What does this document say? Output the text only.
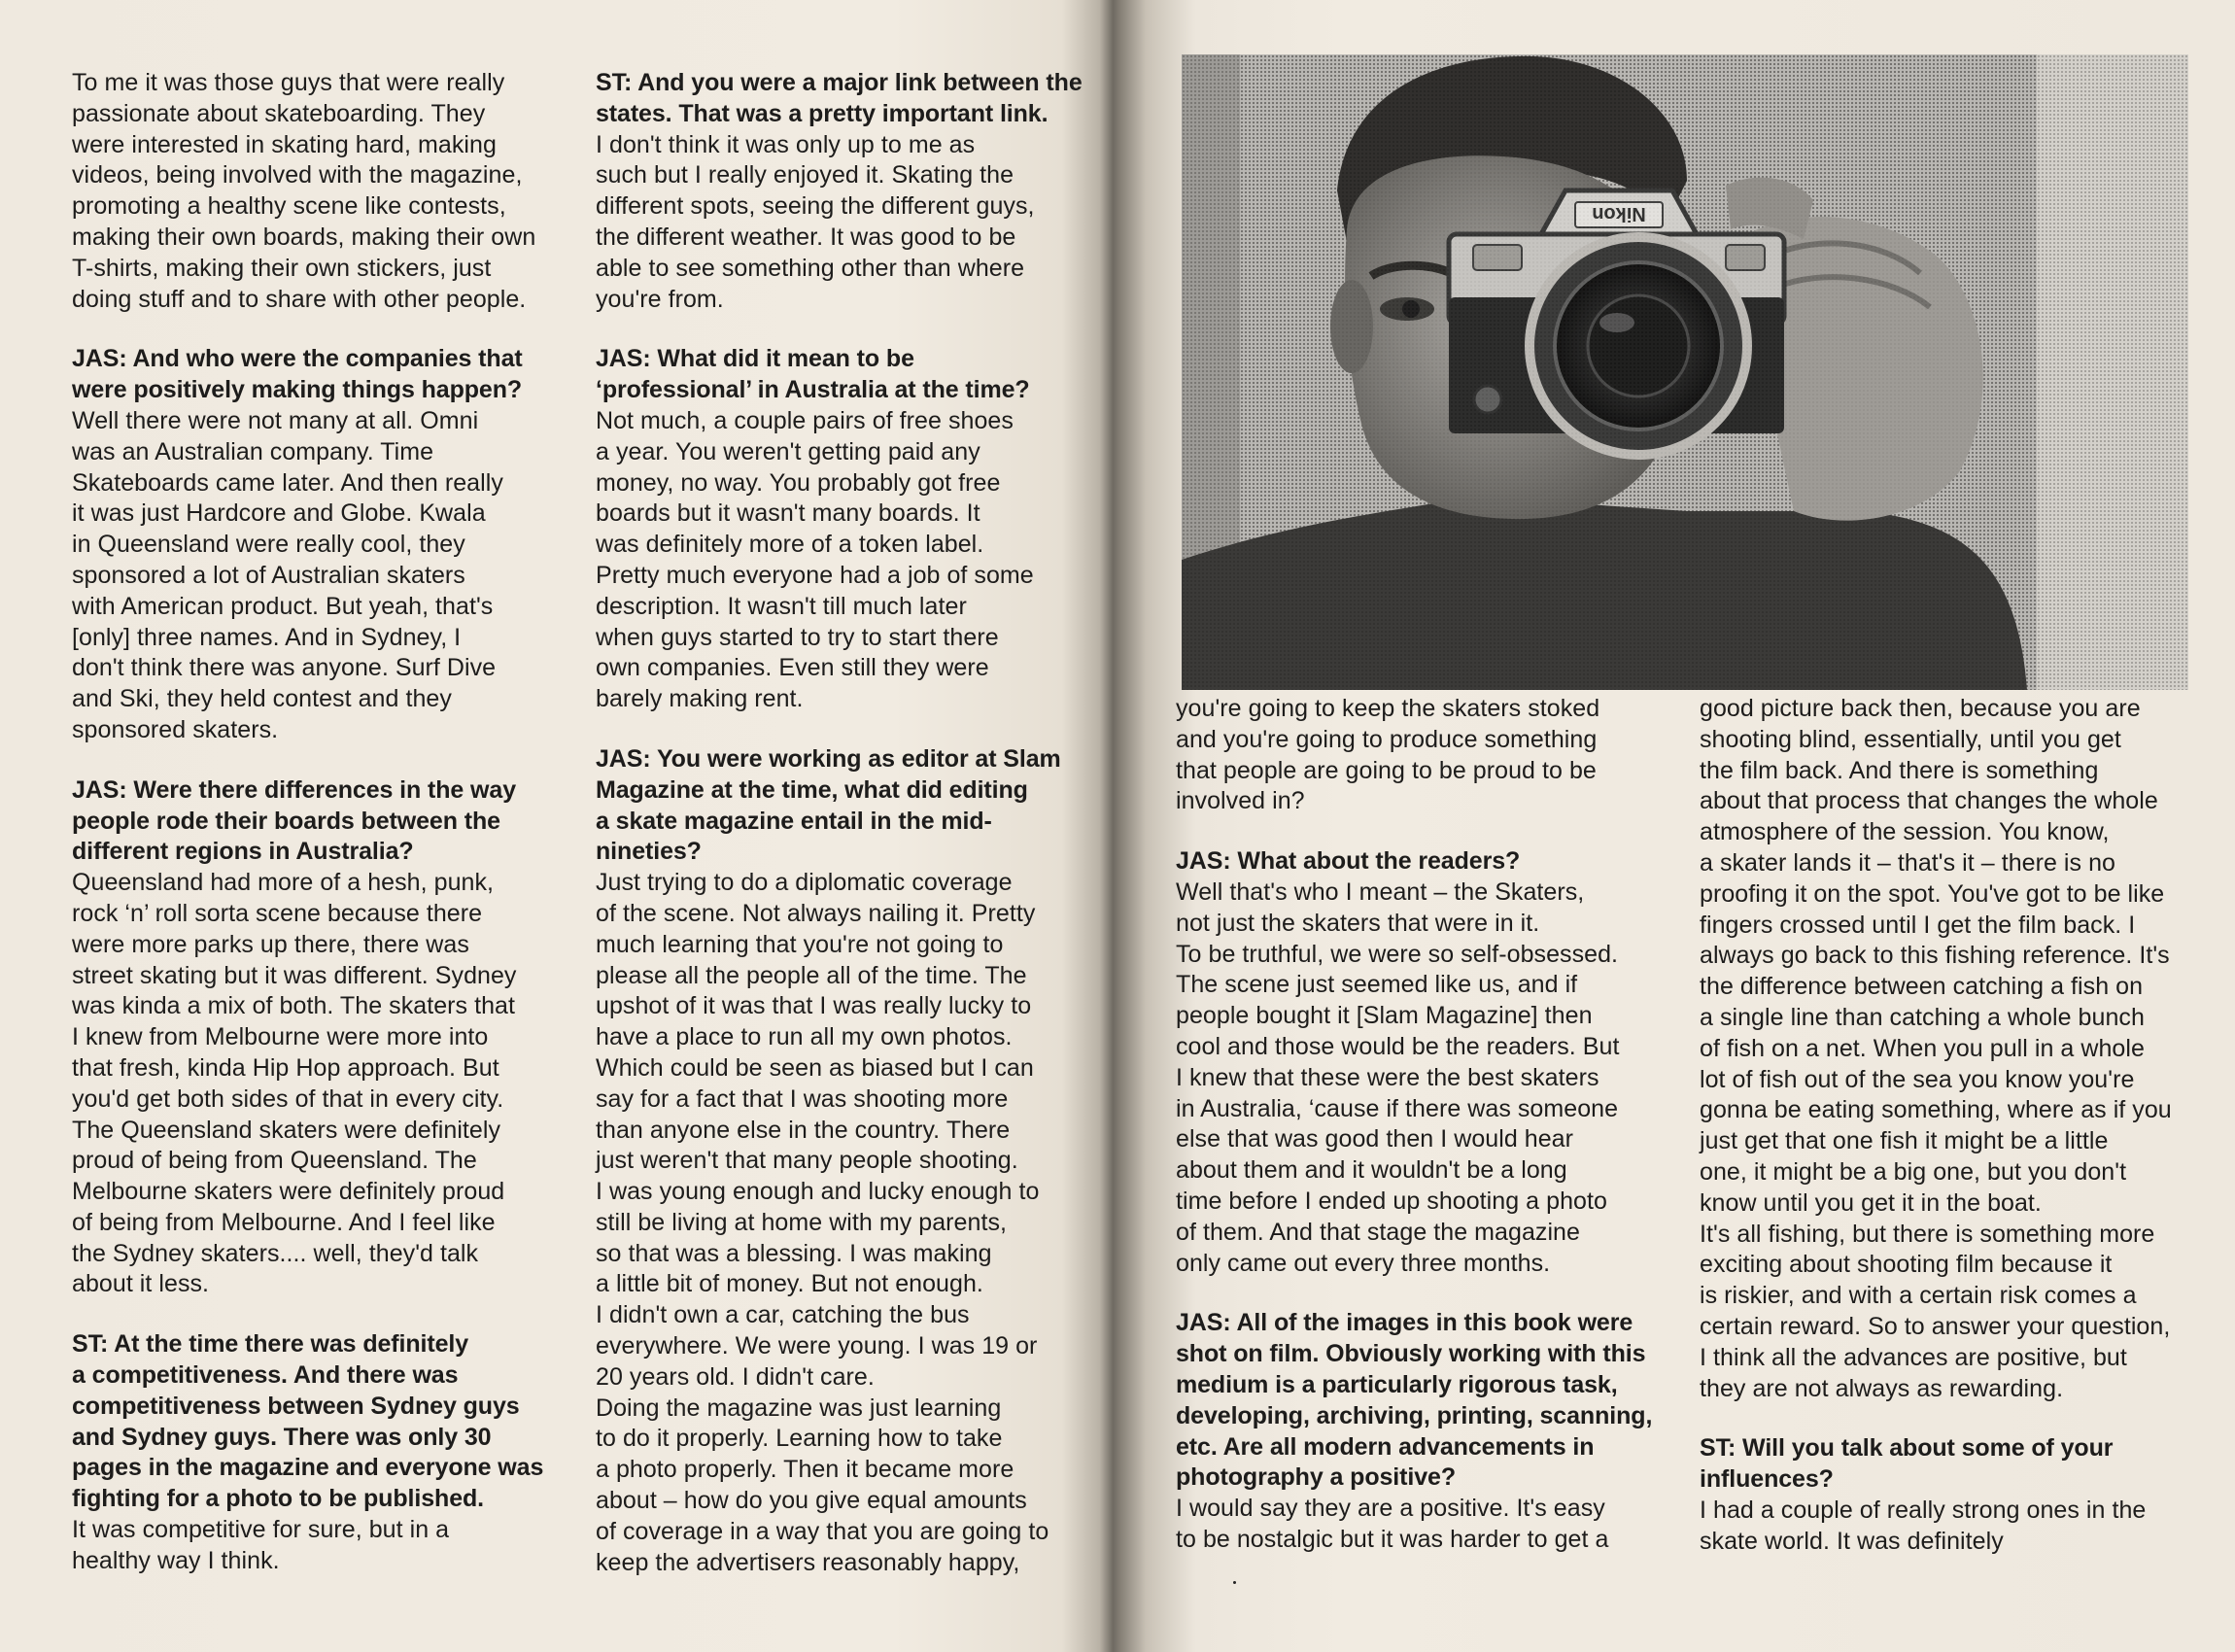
To me it was those guys that were really
passionate about skateboarding. They
were interested in skating hard, making
videos, being involved with the magazine,
promoting a healthy scene like contests,
making their own boards, making their own
T-shirts, making their own stickers, just
doing stuff and to share with other people.

JAS: And who were the companies that
were positively making things happen?
Well there were not many at all. Omni
was an Australian company. Time
Skateboards came later. And then really
it was just Hardcore and Globe. Kwala
in Queensland were really cool, they
sponsored a lot of Australian skaters
with American product. But yeah, that's
[only] three names. And in Sydney, I
don't think there was anyone. Surf Dive
and Ski, they held contest and they
sponsored skaters.

JAS: Were there differences in the way
people rode their boards between the
different regions in Australia?
Queensland had more of a hesh, punk,
rock ‘n’ roll sorta scene because there
were more parks up there, there was
street skating but it was different. Sydney
was kinda a mix of both. The skaters that
I knew from Melbourne were more into
that fresh, kinda Hip Hop approach. But
you'd get both sides of that in every city.
The Queensland skaters were definitely
proud of being from Queensland. The
Melbourne skaters were definitely proud
of being from Melbourne. And I feel like
the Sydney skaters.... well, they'd talk
about it less.

ST: At the time there was definitely
a competitiveness. And there was
competitiveness between Sydney guys
and Sydney guys. There was only 30
pages in the magazine and everyone was
fighting for a photo to be published.
It was competitive for sure, but in a
healthy way I think.

ST: And you were a major link between the
states. That was a pretty important link.
I don't think it was only up to me as
such but I really enjoyed it. Skating the
different spots, seeing the different guys,
the different weather. It was good to be
able to see something other than where
you're from.

JAS: What did it mean to be
‘professional’ in Australia at the time?
Not much, a couple pairs of free shoes
a year. You weren't getting paid any
money, no way. You probably got free
boards but it wasn't many boards. It
was definitely more of a token label.
Pretty much everyone had a job of some
description. It wasn't till much later
when guys started to try to start there
own companies. Even still they were
barely making rent.

JAS: You were working as editor at Slam
Magazine at the time, what did editing
a skate magazine entail in the mid-
nineties?
Just trying to do a diplomatic coverage
of the scene. Not always nailing it. Pretty
much learning that you're not going to
please all the people all of the time. The
upshot of it was that I was really lucky to
have a place to run all my own photos.
Which could be seen as biased but I can
say for a fact that I was shooting more
than anyone else in the country. There
just weren't that many people shooting.
I was young enough and lucky enough to
still be living at home with my parents,
so that was a blessing. I was making
a little bit of money. But not enough.
I didn't own a car, catching the bus
everywhere. We were young. I was 19 or
20 years old. I didn't care.
Doing the magazine was just learning
to do it properly. Learning how to take
a photo properly. Then it became more
about – how do you give equal amounts
of coverage in a way that you are going to
keep the advertisers reasonably happy,

Nikon

you're going to keep the skaters stoked
and you're going to produce something
that people are going to be proud to be
involved in?

JAS: What about the readers?
Well that's who I meant – the Skaters,
not just the skaters that were in it.
To be truthful, we were so self-obsessed.
The scene just seemed like us, and if
people bought it [Slam Magazine] then
cool and those would be the readers. But
I knew that these were the best skaters
in Australia, ‘cause if there was someone
else that was good then I would hear
about them and it wouldn't be a long
time before I ended up shooting a photo
of them. And that stage the magazine
only came out every three months.

JAS: All of the images in this book were
shot on film. Obviously working with this
medium is a particularly rigorous task,
developing, archiving, printing, scanning,
etc. Are all modern advancements in
photography a positive?
I would say they are a positive. It's easy
to be nostalgic but it was harder to get a

good picture back then, because you are
shooting blind, essentially, until you get
the film back. And there is something
about that process that changes the whole
atmosphere of the session. You know,
a skater lands it – that's it – there is no
proofing it on the spot. You've got to be like
fingers crossed until I get the film back. I
always go back to this fishing reference. It's
the difference between catching a fish on
a single line than catching a whole bunch
of fish on a net. When you pull in a whole
lot of fish out of the sea you know you're
gonna be eating something, where as if you
just get that one fish it might be a little
one, it might be a big one, but you don't
know until you get it in the boat.
It's all fishing, but there is something more
exciting about shooting film because it
is riskier, and with a certain risk comes a
certain reward. So to answer your question,
I think all the advances are positive, but
they are not always as rewarding.

ST: Will you talk about some of your
influences?
I had a couple of really strong ones in the
skate world. It was definitely
